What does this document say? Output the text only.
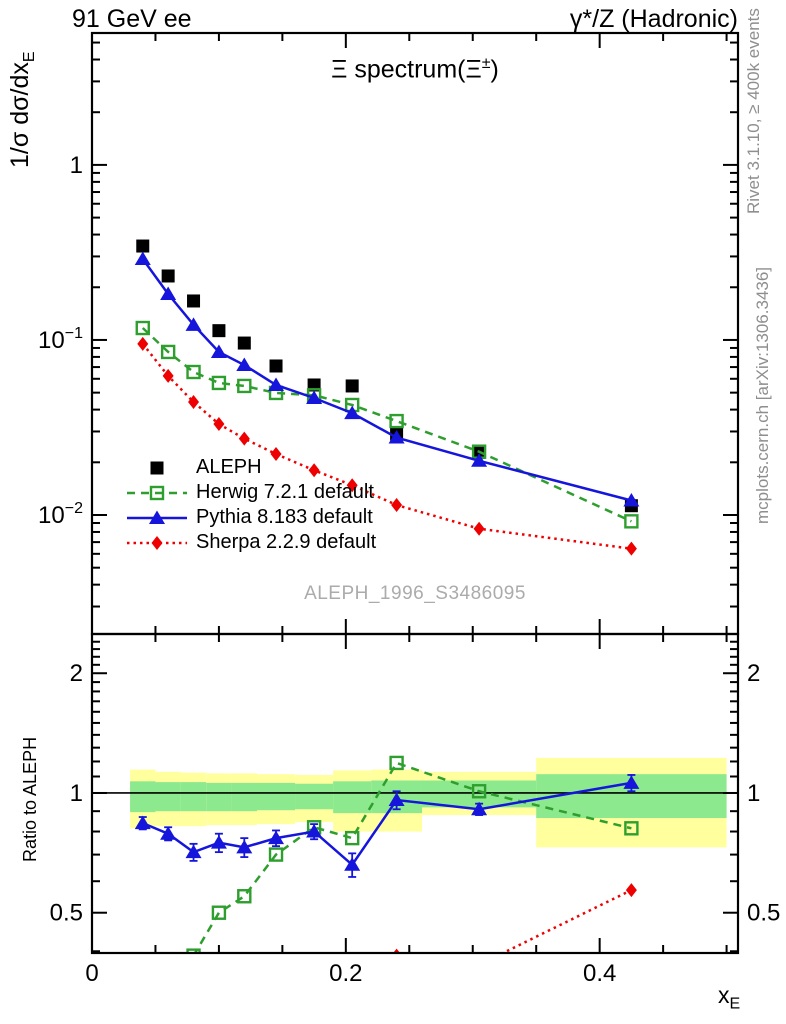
91 GeV ee	γ*/Z (Hadronic)
1
$10^{-1}$
$10^{-2}$
2	2
1	1
0.5	0.5
0	0.2	0.4
Ξ spectrum(Ξ±)
1/σ $d\sigma/dx_E$
Ratio to ALEPH
$x_E$
Rivet 3.1.10, ≥ 400k events
mcplots.cern.ch [arXiv:1306.3436]
ALEPH_1996_S3486095
ALEPH
Herwig 7.2.1 default
Pythia 8.183 default
Sherpa 2.2.9 default
